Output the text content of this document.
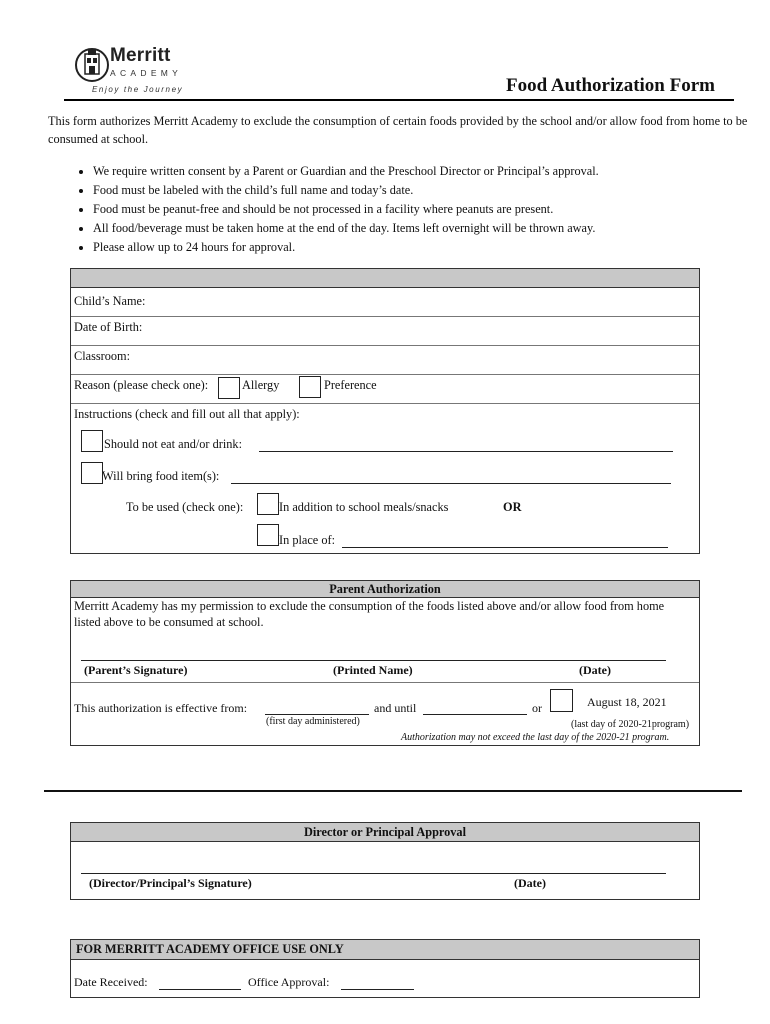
Merritt
ACADEMY
Enjoy the Journey	Food Authorization Form
This form authorizes Merritt Academy to exclude the consumption of certain foods provided by the school and/or allow food from home to be consumed at school.
• We require written consent by a Parent or Guardian and the Preschool Director or Principal’s approval.
• Food must be labeled with the child’s full name and today’s date.
• Food must be peanut-free and should be not processed in a facility where peanuts are present.
• All food/beverage must be taken home at the end of the day. Items left overnight will be thrown away.
• Please allow up to 24 hours for approval.
Child’s Name:
Date of Birth:
Classroom:
Reason (please check one):	Allergy	Preference
Instructions (check and fill out all that apply):
Should not eat and/or drink:
Will bring food item(s):
To be used (check one):	In addition to school meals/snacks	OR
In place of:
Parent Authorization
Merritt Academy has my permission to exclude the consumption of the foods listed above and/or allow food from home listed above to be consumed at school.
(Parent’s Signature)	(Printed Name)	(Date)
This authorization is effective from:	and until	or	August 18, 2021
(first day administered)	(last day of 2020-21program)
Authorization may not exceed the last day of the 2020-21 program.
Director or Principal Approval
(Director/Principal’s Signature)	(Date)
FOR MERRITT ACADEMY OFFICE USE ONLY
Date Received:	Office Approval:
